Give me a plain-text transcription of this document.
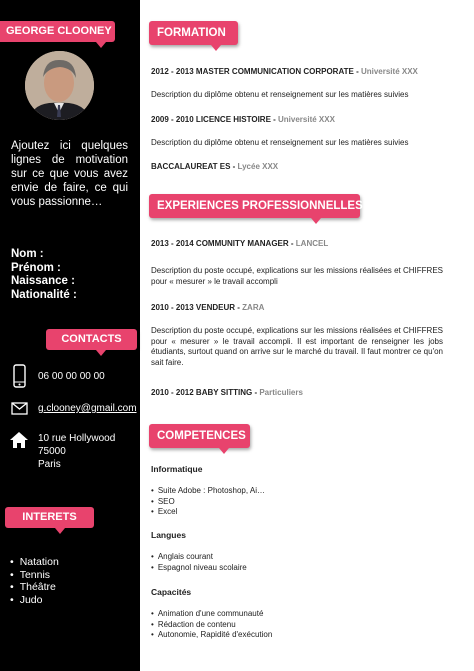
GEORGE CLOONEY
Ajoutez ici quelques lignes de motivation sur ce que vous avez envie de faire, ce qui vous passionne…
Nom :
Prénom :
Naissance :
Nationalité :
CONTACTS
06 00 00 00 00
g.clooney@gmail.com
10 rue Hollywood
75000
Paris
INTERETS
• Natation
• Tennis
• Théâtre
• Judo
FORMATION
2012 - 2013 MASTER COMMUNICATION CORPORATE - Université XXX
Description du diplôme obtenu et renseignement sur les matières suivies
2009 - 2010 LICENCE HISTOIRE - Université XXX
Description du diplôme obtenu et renseignement sur les matières suivies
BACCALAUREAT ES - Lycée XXX
EXPERIENCES PROFESSIONNELLES
2013 - 2014 COMMUNITY MANAGER - LANCEL
Description du poste occupé, explications sur les missions réalisées et CHIFFRES pour « mesurer » le travail accompli
2010 - 2013 VENDEUR - ZARA
Description du poste occupé, explications sur les missions réalisées et CHIFFRES pour « mesurer » le travail accompli. Il est important de renseigner les jobs étudiants, surtout quand on arrive sur le marché du travail. Il faut montrer ce qu'on sait faire.
2010 - 2012 BABY SITTING - Particuliers
COMPETENCES
Informatique
• Suite Adobe : Photoshop, Ai…
• SEO
• Excel
Langues
• Anglais courant
• Espagnol niveau scolaire
Capacités
• Animation d'une communauté
• Rédaction de contenu
• Autonomie, Rapidité d'exécution
